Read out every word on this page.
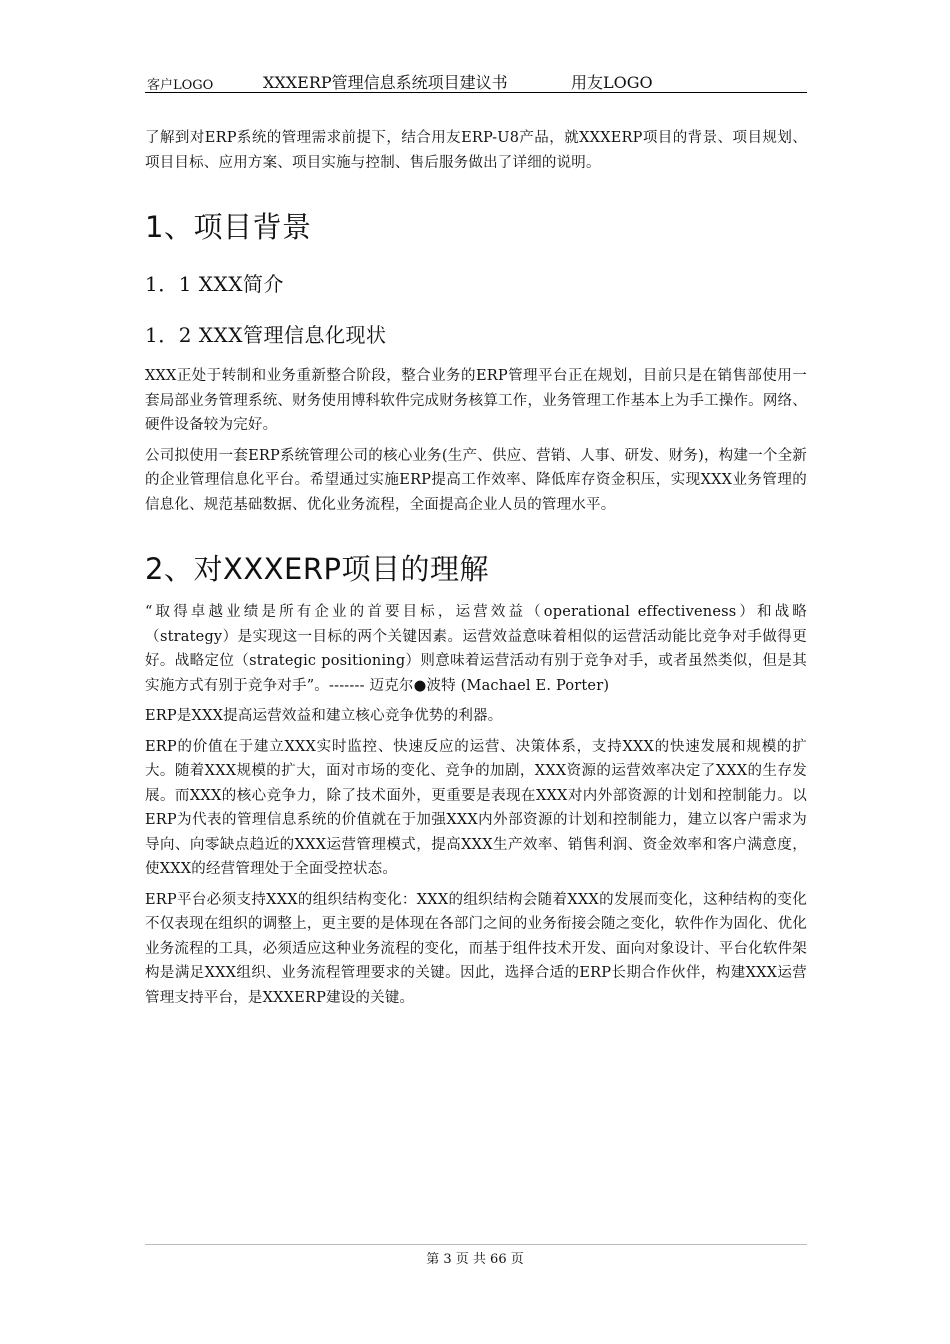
客户LOGO	XXXERP管理信息系统项目建议书	用友LOGO

了解到对ERP系统的管理需求前提下，结合用友ERP-U8产品，就XXXERP项目的背景、项目规划、项目目标、应用方案、项目实施与控制、售后服务做出了详细的说明。

1、项目背景
1．1 XXX简介
1．2 XXX管理信息化现状

XXX正处于转制和业务重新整合阶段，整合业务的ERP管理平台正在规划，目前只是在销售部使用一套局部业务管理系统、财务使用博科软件完成财务核算工作，业务管理工作基本上为手工操作。网络、硬件设备较为完好。

公司拟使用一套ERP系统管理公司的核心业务(生产、供应、营销、人事、研发、财务)，构建一个全新的企业管理信息化平台。希望通过实施ERP提高工作效率、降低库存资金积压，实现XXX业务管理的信息化、规范基础数据、优化业务流程，全面提高企业人员的管理水平。

2、对XXXERP项目的理解

“取得卓越业绩是所有企业的首要目标，运营效益（operational effectiveness）和战略（strategy）是实现这一目标的两个关键因素。运营效益意味着相似的运营活动能比竞争对手做得更好。战略定位（strategic positioning）则意味着运营活动有别于竞争对手，或者虽然类似，但是其实施方式有别于竞争对手”。------- 迈克尔●波特 (Machael E. Porter)

ERP是XXX提高运营效益和建立核心竞争优势的利器。

ERP的价值在于建立XXX实时监控、快速反应的运营、决策体系，支持XXX的快速发展和规模的扩大。随着XXX规模的扩大，面对市场的变化、竞争的加剧，XXX资源的运营效率决定了XXX的生存发展。而XXX的核心竞争力，除了技术面外，更重要是表现在XXX对内外部资源的计划和控制能力。以ERP为代表的管理信息系统的价值就在于加强XXX内外部资源的计划和控制能力，建立以客户需求为导向、向零缺点趋近的XXX运营管理模式，提高XXX生产效率、销售利润、资金效率和客户满意度，使XXX的经营管理处于全面受控状态。

ERP平台必须支持XXX的组织结构变化：XXX的组织结构会随着XXX的发展而变化，这种结构的变化不仅表现在组织的调整上，更主要的是体现在各部门之间的业务衔接会随之变化，软件作为固化、优化业务流程的工具，必须适应这种业务流程的变化，而基于组件技术开发、面向对象设计、平台化软件架构是满足XXX组织、业务流程管理要求的关键。因此，选择合适的ERP长期合作伙伴，构建XXX运营管理支持平台，是XXXERP建设的关键。

第 3 页 共 66 页
